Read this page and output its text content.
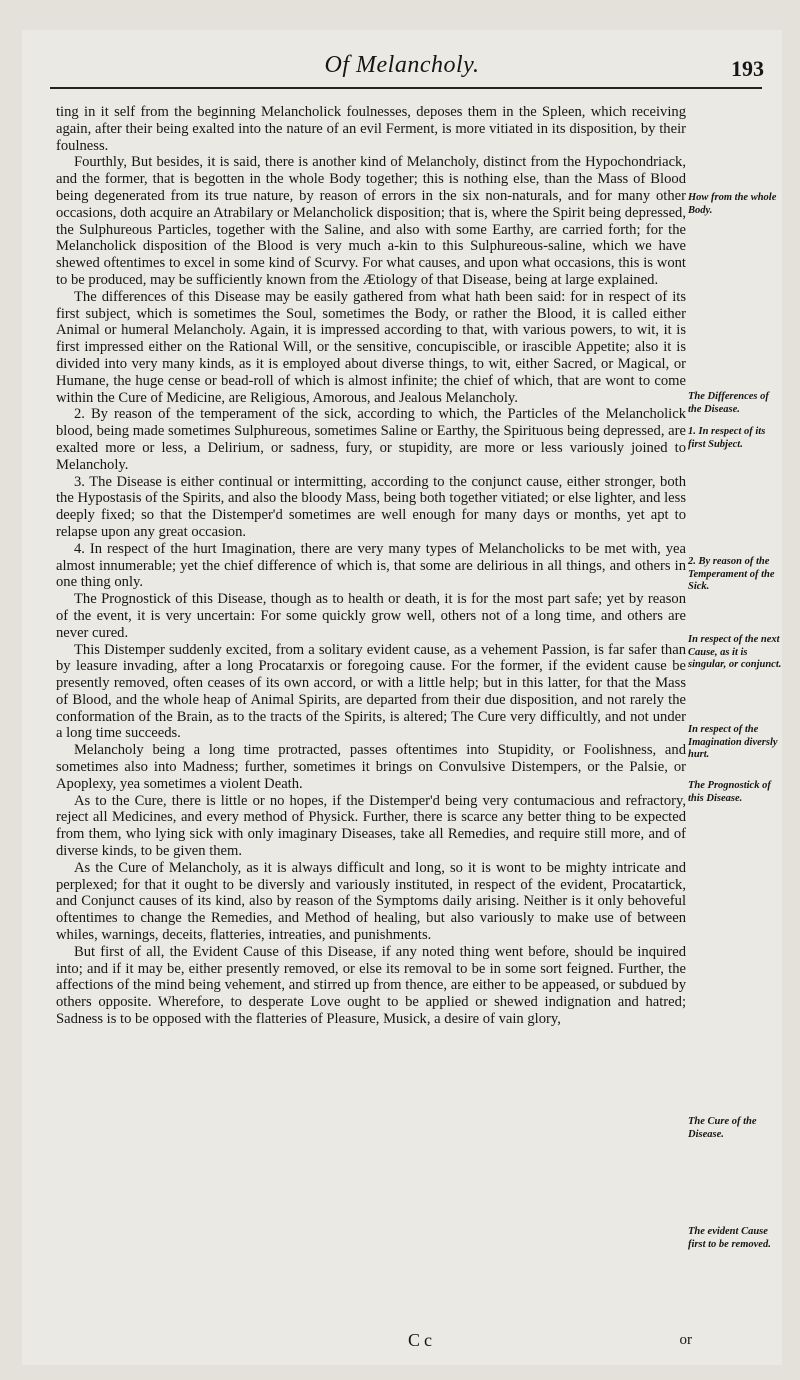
Of Melancholy.	193

ting in it self from the beginning Melancholick foulnesses, deposes them in the Spleen, which receiving again, after their being exalted into the nature of an evil Ferment, is more vitiated in its disposition, by their foulness.

Fourthly, But besides, it is said, there is another kind of Melancholy, distinct from the Hypochondriack, and the former, that is begotten in the whole Body together; this is nothing else, than the Mass of Blood being degenerated from its true nature, by reason of errors in the six non-naturals, and for many other occasions, doth acquire an Atrabilary or Melancholick disposition; that is, where the Spirit being depressed, the Sulphureous Particles, together with the Saline, and also with some Earthy, are carried forth; for the Melancholick disposition of the Blood is very much a-kin to this Sulphureous-saline, which we have shewed oftentimes to excel in some kind of Scurvy. For what causes, and upon what occasions, this is wont to be produced, may be sufficiently known from the Ætiology of that Disease, being at large explained.

The differences of this Disease may be easily gathered from what hath been said: for in respect of its first subject, which is sometimes the Soul, sometimes the Body, or rather the Blood, it is called either Animal or humeral Melancholy. Again, it is impressed according to that, with various powers, to wit, it is first impressed either on the Rational Will, or the sensitive, concupiscible, or irascible Appetite; also it is divided into very many kinds, as it is employed about diverse things, to wit, either Sacred, or Magical, or Humane, the huge cense or bead-roll of which is almost infinite; the chief of which, that are wont to come within the Cure of Medicine, are Religious, Amorous, and Jealous Melancholy.

2. By reason of the temperament of the sick, according to which, the Particles of the Melancholick blood, being made sometimes Sulphureous, sometimes Saline or Earthy, the Spirituous being depressed, are exalted more or less, a Delirium, or sadness, fury, or stupidity, are more or less variously joined to Melancholy.

3. The Disease is either continual or intermitting, according to the conjunct cause, either stronger, both the Hypostasis of the Spirits, and also the bloody Mass, being both together vitiated; or else lighter, and less deeply fixed; so that the Distemper'd sometimes are well enough for many days or months, yet apt to relapse upon any great occasion.

4. In respect of the hurt Imagination, there are very many types of Melancholicks to be met with, yea almost innumerable; yet the chief difference of which is, that some are delirious in all things, and others in one thing only.

The Prognostick of this Disease, though as to health or death, it is for the most part safe; yet by reason of the event, it is very uncertain: For some quickly grow well, others not of a long time, and others are never cured.

This Distemper suddenly excited, from a solitary evident cause, as a vehement Passion, is far safer than by leasure invading, after a long Procatarxis or foregoing cause. For the former, if the evident cause be presently removed, often ceases of its own accord, or with a little help; but in this latter, for that the Mass of Blood, and the whole heap of Animal Spirits, are departed from their due disposition, and not rarely the conformation of the Brain, as to the tracts of the Spirits, is altered; The Cure very difficultly, and not under a long time succeeds.

Melancholy being a long time protracted, passes oftentimes into Stupidity, or Foolishness, and sometimes also into Madness; further, sometimes it brings on Convulsive Distempers, or the Palsie, or Apoplexy, yea sometimes a violent Death.

As to the Cure, there is little or no hopes, if the Distemper'd being very contumacious and refractory, reject all Medicines, and every method of Physick. Further, there is scarce any better thing to be expected from them, who lying sick with only imaginary Diseases, take all Remedies, and require still more, and of diverse kinds, to be given them.

As the Cure of Melancholy, as it is always difficult and long, so it is wont to be mighty intricate and perplexed; for that it ought to be diversly and variously instituted, in respect of the evident, Procatartick, and Conjunct causes of its kind, also by reason of the Symptoms daily arising. Neither is it only behoveful oftentimes to change the Remedies, and Method of healing, but also variously to make use of between whiles, warnings, deceits, flatteries, intreaties, and punishments.

But first of all, the Evident Cause of this Disease, if any noted thing went before, should be inquired into; and if it may be, either presently removed, or else its removal to be in some sort feigned. Further, the affections of the mind being vehement, and stirred up from thence, are either to be appeased, or subdued by others opposite. Wherefore, to desperate Love ought to be applied or shewed indignation and hatred; Sadness is to be opposed with the flatteries of Pleasure, Musick, a desire of vain glory,

How from the whole Body.
The Differences of the Disease.
1. In respect of its first Subject.
2. By reason of the Temperament of the Sick.
In respect of the next Cause, as it is singular, or conjunct.
In respect of the Imagination diversly hurt.
The Prognostick of this Disease.
The Cure of the Disease.
The evident Cause first to be removed.
Cc	or
